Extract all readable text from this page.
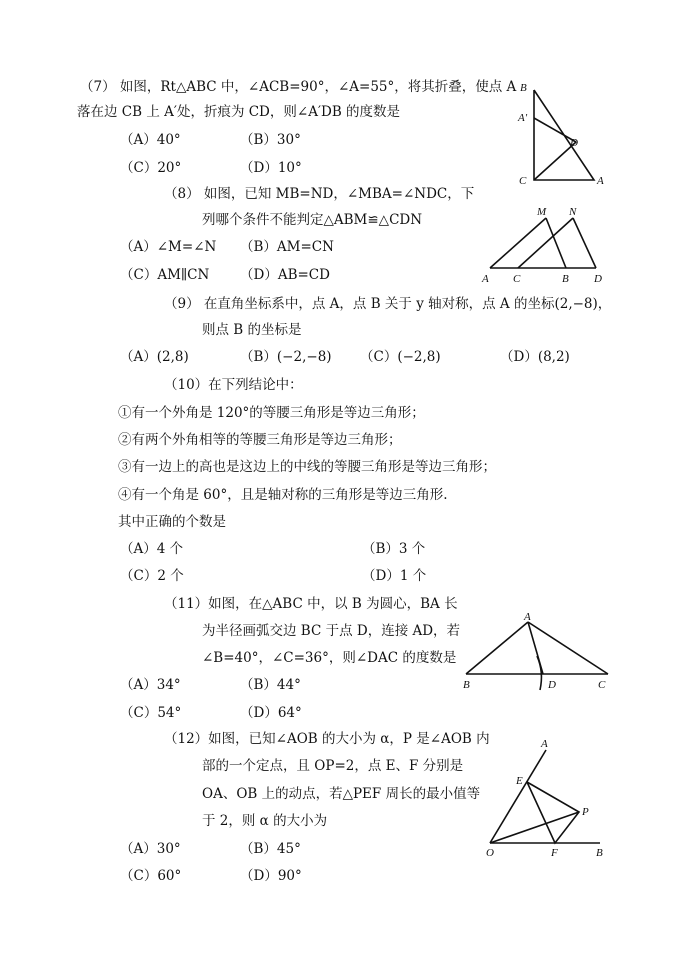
（7） 如图，Rt△ABC 中，∠ACB=90°，∠A=55°，将其折叠，使点 A
落在边 CB 上 A′处，折痕为 CD，则∠A′DB 的度数是
（A）40°	（B）30°
（C）20°	（D）10°
B
A′
D
C	A
（8） 如图，已知 MB=ND，∠MBA=∠NDC，下
列哪个条件不能判定△ABM≌△CDN
（A）∠M=∠N （B）AM=CN
（C）AM∥CN （D）AB=CD
M N
A C	B D
（9） 在直角坐标系中，点 A，点 B 关于 y 轴对称，点 A 的坐标(2,−8)，
则点 B 的坐标是
（A）(2,8)	（B）(−2,−8) （C）(−2,8)	（D）(8,2)
（10）在下列结论中：
①有一个外角是 120°的等腰三角形是等边三角形；
②有两个外角相等的等腰三角形是等边三角形；
③有一边上的高也是这边上的中线的等腰三角形是等边三角形；
④有一个角是 60°，且是轴对称的三角形是等边三角形.
其中正确的个数是
（A）4 个	（B）3 个
（C）2 个	（D）1 个
（11）如图，在△ABC 中，以 B 为圆心，BA 长
为半径画弧交边 BC 于点 D，连接 AD，若
∠B=40°，∠C=36°，则∠DAC 的度数是
（A）34°	（B）44°
（C）54°	（D）64°
A
B	D	C
（12）如图，已知∠AOB 的大小为 α，P 是∠AOB 内
部的一个定点，且 OP=2，点 E、F 分别是
OA、OB 上的动点，若△PEF 周长的最小值等
于 2，则 α 的大小为
（A）30°	（B）45°
（C）60°	（D）90°
A
E
P
O	F	B
